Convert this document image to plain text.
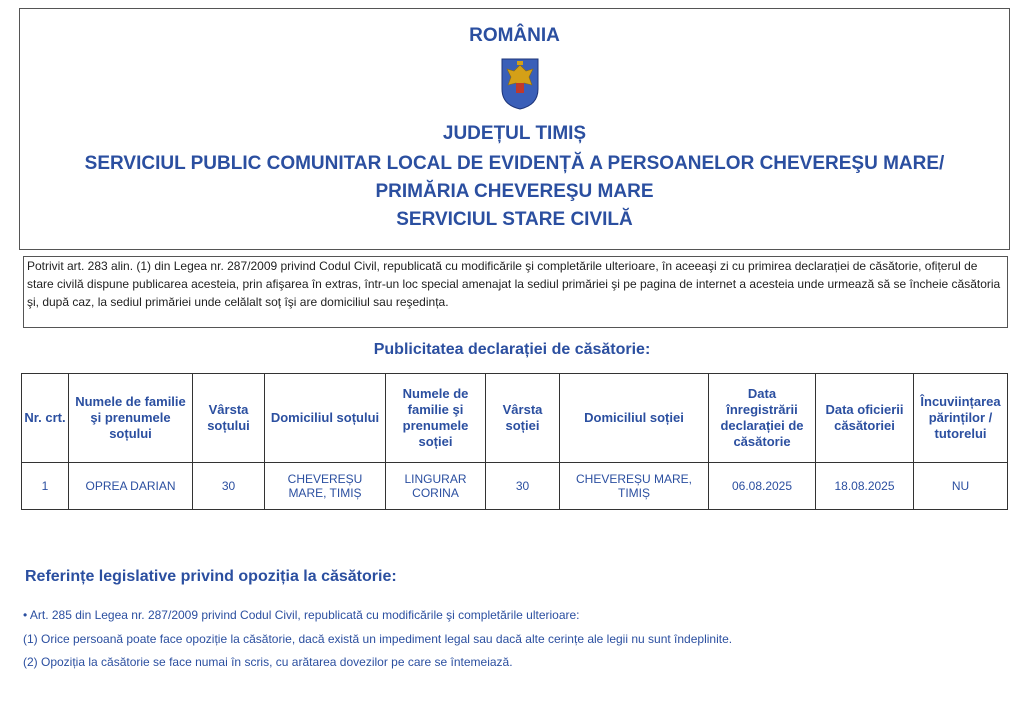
ROMÂNIA
JUDEȚUL TIMIȘ
SERVICIUL PUBLIC COMUNITAR LOCAL DE EVIDENȚĂ A PERSOANELOR CHEVEREŞU MARE/
PRIMĂRIA CHEVEREŞU MARE
SERVICIUL STARE CIVILĂ
Potrivit art. 283 alin. (1) din Legea nr. 287/2009 privind Codul Civil, republicată cu modificările şi completările ulterioare, în aceeaşi zi cu primirea declarației de căsătorie, ofițerul de stare civilă dispune publicarea acesteia, prin afişarea în extras, într-un loc special amenajat la sediul primăriei şi pe pagina de internet a acesteia unde urmează să se încheie căsătoria şi, după caz, la sediul primăriei unde celălalt soț îşi are domiciliul sau reşedința.
Publicitatea declarației de căsătorie:
Nr. crt.	Numele de familie şi prenumele soțului	Vârsta soțului	Domiciliul soțului	Numele de familie şi prenumele soției	Vârsta soției	Domiciliul soției	Data înregistrării declarației de căsătorie	Data oficierii căsătoriei	Încuviințarea părinților / tutorelui
1	OPREA DARIAN	30	CHEVEREȘU MARE, TIMIȘ	LINGURAR CORINA	30	CHEVEREȘU MARE, TIMIȘ	06.08.2025	18.08.2025	NU
Referințe legislative privind opoziția la căsătorie:
• Art. 285 din Legea nr. 287/2009 privind Codul Civil, republicată cu modificările şi completările ulterioare:
(1) Orice persoană poate face opoziție la căsătorie, dacă există un impediment legal sau dacă alte cerințe ale legii nu sunt îndeplinite.
(2) Opoziția la căsătorie se face numai în scris, cu arătarea dovezilor pe care se întemeiază.
